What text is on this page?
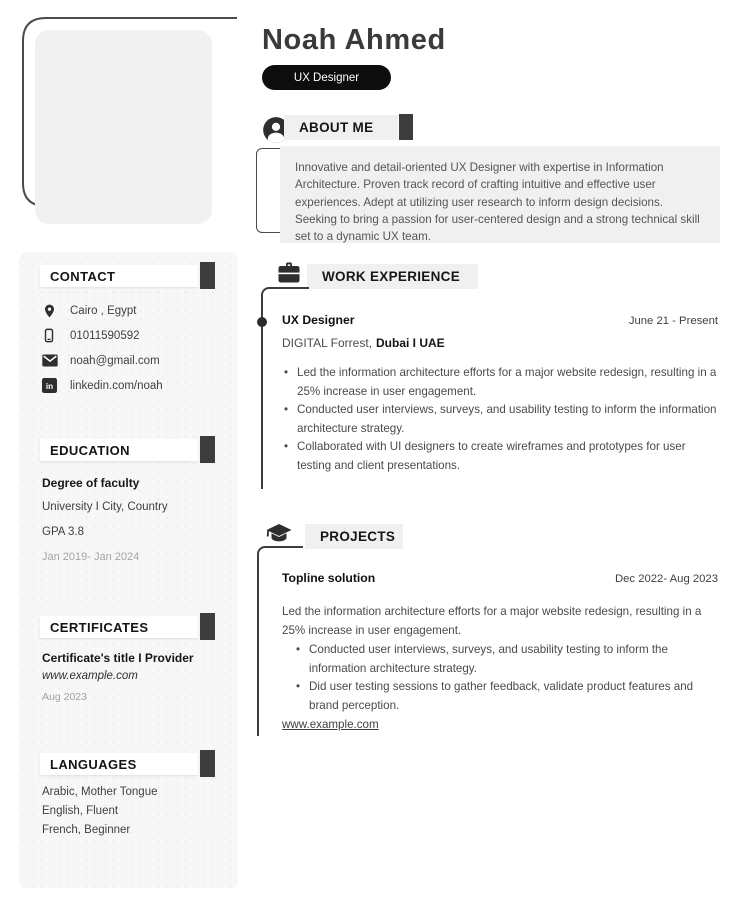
CONTACT
Cairo , Egypt
01011590592
noah@gmail.com
in linkedin.com/noah
EDUCATION
Degree of faculty
University I City, Country
GPA 3.8
Jan 2019- Jan 2024
CERTIFICATES
Certificate's title I Provider
www.example.com
Aug 2023
LANGUAGES
Arabic, Mother Tongue
English, Fluent
French, Beginner
Noah Ahmed
UX Designer
ABOUT ME

Innovative and detail-oriented UX Designer with expertise in Information Architecture. Proven track record of crafting intuitive and effective user experiences. Adept at utilizing user research to inform design decisions. Seeking to bring a passion for user-centered design and a strong technical skill set to a dynamic UX team.

WORK EXPERIENCE
UX Designer	June 21 - Present
DIGITAL Forrest, Dubai I UAE
• Led the information architecture efforts for a major website redesign, resulting in a 25% increase in user engagement.
• Conducted user interviews, surveys, and usability testing to inform the information architecture strategy.
• Collaborated with UI designers to create wireframes and prototypes for user testing and client presentations.
PROJECTS
Topline solution	Dec 2022- Aug 2023

Led the information architecture efforts for a major website redesign, resulting in a 25% increase in user engagement.

• Conducted user interviews, surveys, and usability testing to inform the information architecture strategy.
• Did user testing sessions to gather feedback, validate product features and brand perception.
www.example.com
